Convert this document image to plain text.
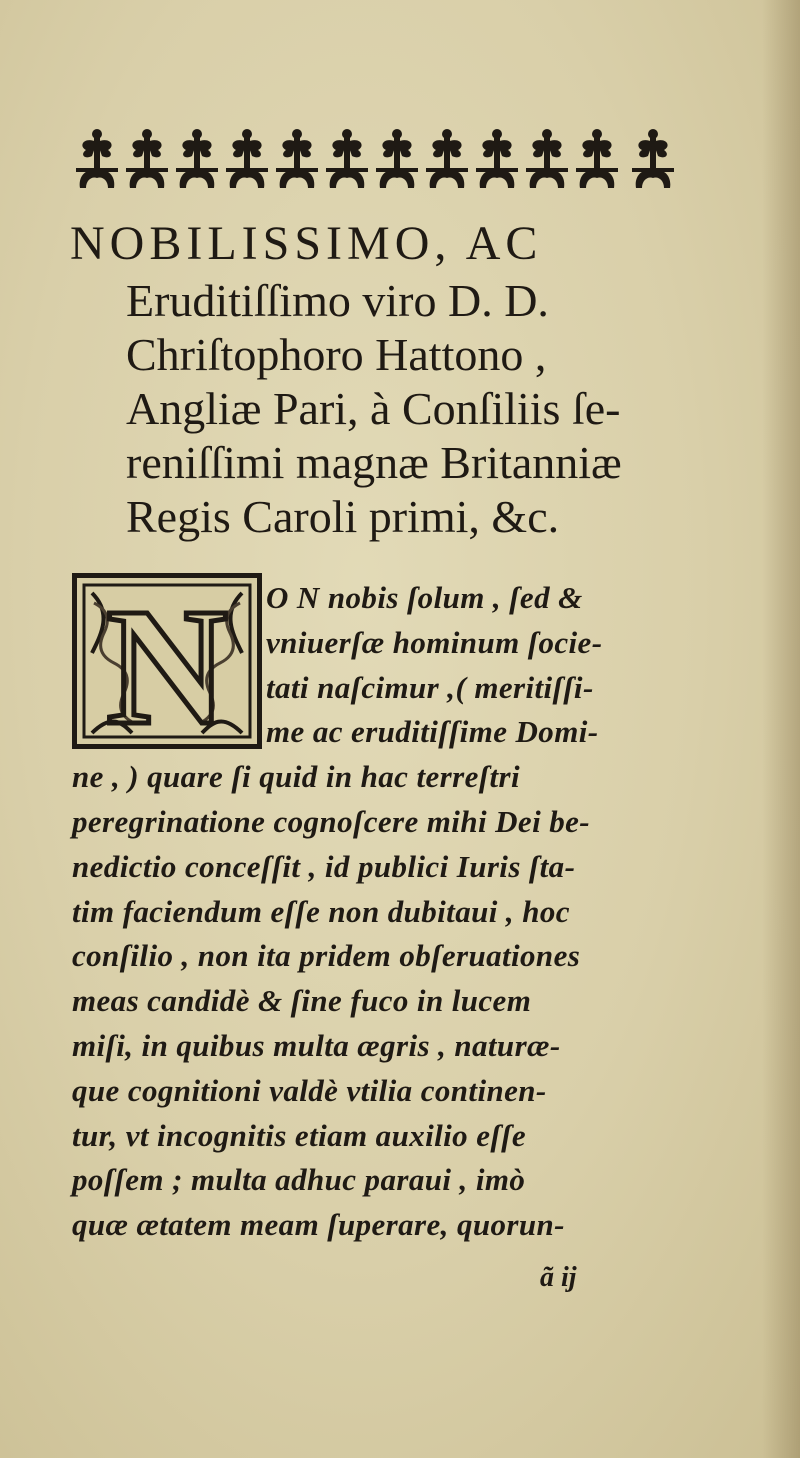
NOBILISSIMO, AC
Eruditiſſimo viro D. D.
Chriſtophoro Hattono ,
Angliæ Pari, à Conſiliis ſe-
reniſſimi magnæ Britanniæ
Regis Caroli primi, &c.
N	O N nobis ſolum , ſed &
vniuerſæ hominum ſocie-
tati naſcimur ,( meritiſſi-
me ac eruditiſſime Domi-
ne , ) quare ſi quid in hac terreſtri
peregrinatione cognoſcere mihi Dei be-
nedictio conceſſit , id publici Iuris ſta-
tim faciendum eſſe non dubitaui , hoc
conſilio , non ita pridem obſeruationes
meas candidè & ſine fuco in lucem
miſi, in quibus multa ægris , naturæ-
que cognitioni valdè vtilia continen-
tur, vt incognitis etiam auxilio eſſe
poſſem ; multa adhuc paraui , imò
quæ ætatem meam ſuperare, quorun-
ã ij
